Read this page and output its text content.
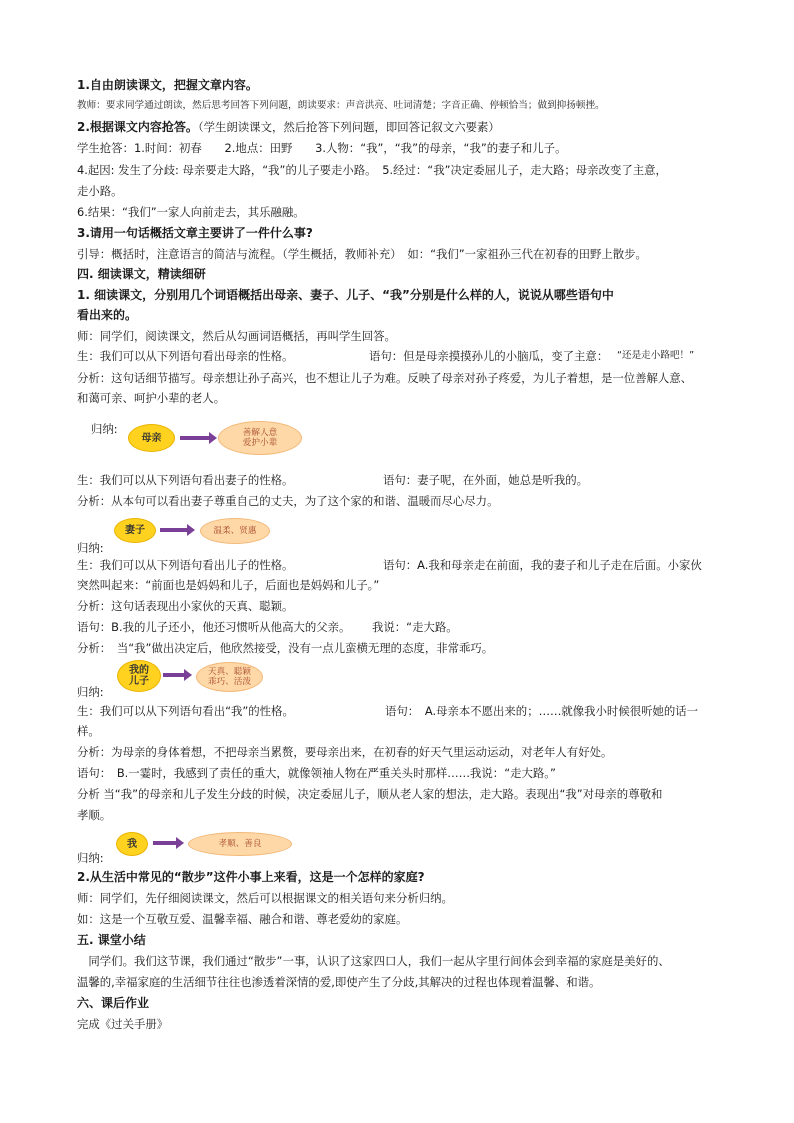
1.自由朗读课文，把握文章内容。
教师：要求同学通过朗读，然后思考回答下列问题，朗读要求：声音洪亮、吐词清楚；字音正确、停顿恰当；做到抑扬顿挫。
2.根据课文内容抢答。（学生朗读课文，然后抢答下列问题，即回答记叙文六要素）
学生抢答：1.时间：初春　　2.地点：田野　　3.人物：“我”，“我”的母亲，“我”的妻子和儿子。
4.起因: 发生了分歧: 母亲要走大路，“我”的儿子要走小路。　5.经过：“我”决定委屈儿子，走大路；母亲改变了主意，
走小路。
6.结果：“我们”一家人向前走去，其乐融融。
3.请用一句话概括文章主要讲了一件什么事?
引导：概括时，注意语言的简洁与流程。（学生概括，教师补充）　如：“我们”一家祖孙三代在初春的田野上散步。
四. 细读课文，精读细研
1. 细读课文，分别用几个词语概括出母亲、妻子、儿子、“我”分别是什么样的人，说说从哪些语句中
看出来的。
师：同学们，阅读课文，然后从勾画词语概括，再叫学生回答。
生：我们可以从下列语句看出母亲的性格。	语句：但是母亲摸摸孙儿的小脑瓜，变了主意： “还是走小路吧！”
分析：这句话细节描写。母亲想让孙子高兴，也不想让儿子为难。反映了母亲对孙子疼爱，为儿子着想，是一位善解人意、
和蔼可亲、呵护小辈的老人。
归纳:
母亲	善解人意
爱护小辈
生：我们可以从下列语句看出妻子的性格。	语句：妻子呢，在外面，她总是听我的。
分析：从本句可以看出妻子尊重自己的丈夫，为了这个家的和谐、温暖而尽心尽力。
归纳:
妻子	温柔、贤惠
生：我们可以从下列语句看出儿子的性格。	语句：A.我和母亲走在前面，我的妻子和儿子走在后面。小家伙
突然叫起来：“前面也是妈妈和儿子，后面也是妈妈和儿子。”
分析：这句话表现出小家伙的天真、聪颖。
语句：B.我的儿子还小，他还习惯听从他高大的父亲。 我说：“走大路。
分析：　当“我”做出决定后，他欣然接受，没有一点儿蛮横无理的态度，非常乖巧。
归纳:
我的
儿子
天真、聪颖
乖巧、活泼
生：我们可以从下列语句看出“我”的性格。	语句：　A.母亲本不愿出来的；……就像我小时候很听她的话一
样。
分析：为母亲的身体着想，不把母亲当累赘，要母亲出来，在初春的好天气里运动运动，对老年人有好处。
语句：　B.一霎时，我感到了责任的重大，就像领袖人物在严重关头时那样……我说：“走大路。”
分析 当“我”的母亲和儿子发生分歧的时候，决定委屈儿子，顺从老人家的想法，走大路。表现出“我”对母亲的尊敬和
孝顺。
归纳:
我	孝顺、善良
2.从生活中常见的“散步”这件小事上来看，这是一个怎样的家庭?
师：同学们，先仔细阅读课文，然后可以根据课文的相关语句来分析归纳。
如：这是一个互敬互爱、温馨幸福、融合和谐、尊老爱幼的家庭。
五. 课堂小结
　同学们。我们这节课，我们通过“散步”一事，认识了这家四口人，我们一起从字里行间体会到幸福的家庭是美好的、
温馨的,幸福家庭的生活细节往往也渗透着深情的爱,即使产生了分歧,其解决的过程也体现着温馨、和谐。
六、课后作业
完成《过关手册》
